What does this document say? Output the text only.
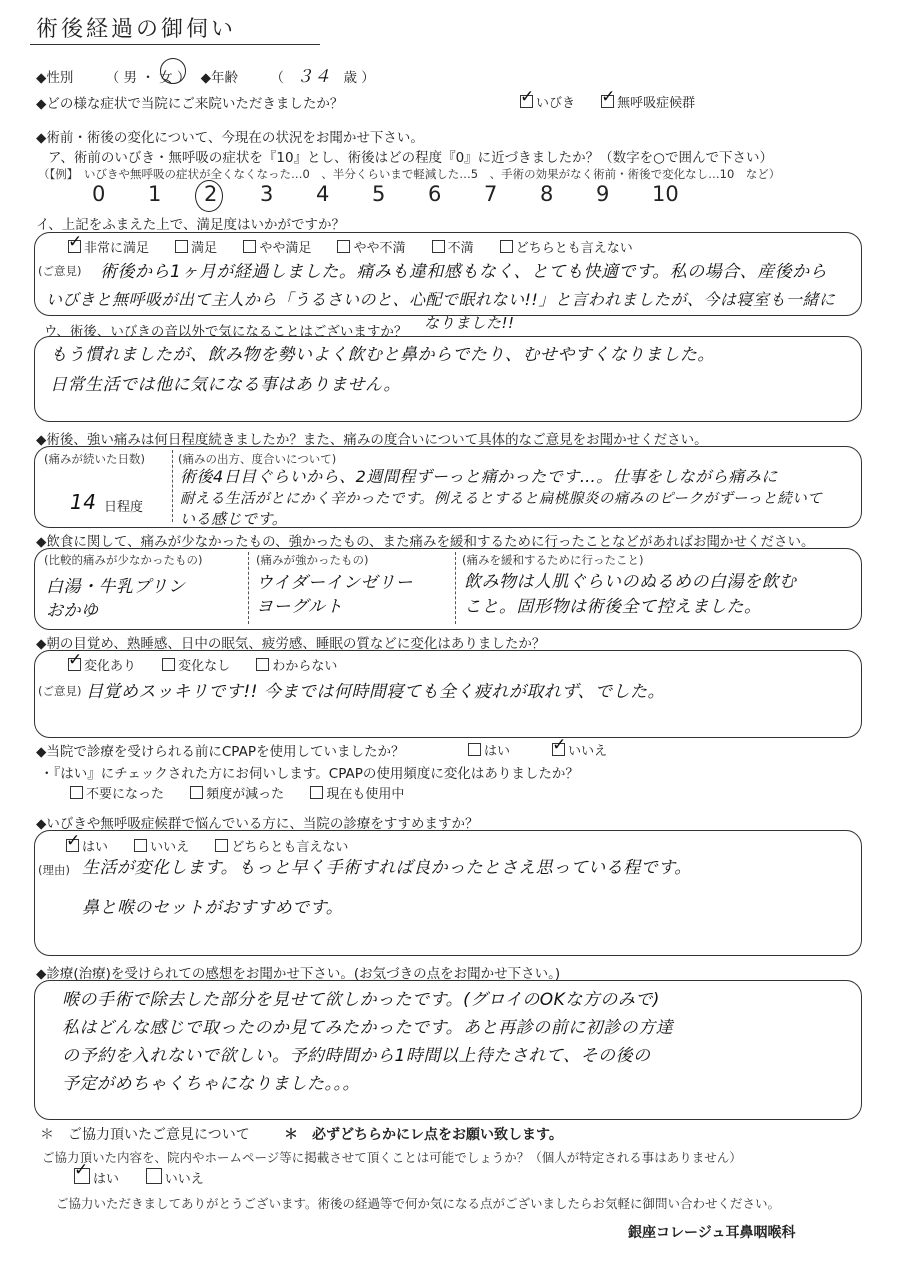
術後経過の御伺い
◆性別 （ 男 ・ 女 ） ◆年齢 （ ３４ 歳 ）
◆どの様な症状で当院にご来院いただきましたか？ ✓	いびき ✓	無呼吸症候群
◆術前・術後の変化について、今現在の状況をお聞かせ下さい。
ア、術前のいびき・無呼吸の症状を『10』とし、術後はどの程度『0』に近づきましたか？（数字を○で囲んで下さい）
（【例】　いびきや無呼吸の症状が全くなくなった…0　、半分くらいまで軽減した…5　、手術の効果がなく術前・術後で変化なし…10　など）
0 1 2 3 4 5 6 7 8 9 10
イ、上記をふまえた上で、満足度はいかがですか？
✓非常に満足	満足	やや満足	やや不満	不満	どちらとも言えない
(ご意見) 術後から1ヶ月が経過しました。痛みも違和感もなく、とても快適です。私の場合、産後から
いびきと無呼吸が出て主人から「うるさいのと、心配で眠れない!!」と言われましたが、今は寝室も一緒に
ウ、術後、いびきの音以外で気になることはございますか？ なりました!!
もう慣れましたが、飲み物を勢いよく飲むと鼻からでたり、むせやすくなりました。
日常生活では他に気になる事はありません。
◆術後、強い痛みは何日程度続きましたか？また、痛みの度合いについて具体的なご意見をお聞かせください。
(痛みが続いた日数)
14 日程度
(痛みの出方、度合いについて)
術後4日目ぐらいから、2週間程ずーっと痛かったです…。仕事をしながら痛みに
耐える生活がとにかく辛かったです。例えるとすると扁桃腺炎の痛みのピークがずーっと続いて
いる感じです。
◆飲食に関して、痛みが少なかったもの、強かったもの、また痛みを緩和するために行ったことなどがあればお聞かせください。
(比較的痛みが少なかったもの)
白湯・牛乳プリン
おかゆ
(痛みが強かったもの)
ウイダーインゼリー
ヨーグルト
(痛みを緩和するために行ったこと)
飲み物は人肌ぐらいのぬるめの白湯を飲む
こと。固形物は術後全て控えました。
◆朝の目覚め、熟睡感、日中の眠気、疲労感、睡眠の質などに変化はありましたか？
✓変化あり	変化なし	わからない
(ご意見) 目覚めスッキリです!! 今までは何時間寝ても全く疲れが取れず、でした。
◆当院で診療を受けられる前にCPAPを使用していましたか？	はい ✓	いいえ
・『はい』にチェックされた方にお伺いします。CPAPの使用頻度に変化はありましたか？
不要になった	頻度が減った	現在も使用中
◆いびきや無呼吸症候群で悩んでいる方に、当院の診療をすすめますか？
✓はい	いいえ	どちらとも言えない
(理由) 生活が変化します。もっと早く手術すれば良かったとさえ思っている程です。
鼻と喉のセットがおすすめです。
◆診療(治療)を受けられての感想をお聞かせ下さい。(お気づきの点をお聞かせ下さい。)
喉の手術で除去した部分を見せて欲しかったです。(グロイのOKな方のみで)
私はどんな感じで取ったのか見てみたかったです。あと再診の前に初診の方達
の予約を入れないで欲しい。予約時間から1時間以上待たされて、その後の
予定がめちゃくちゃになりました。。。
＊　ご協力頂いたご意見について ＊　必ずどちらかにレ点をお願い致します。
ご協力頂いた内容を、院内やホームページ等に掲載させて頂くことは可能でしょうか？（個人が特定される事はありません）
✓はい	いいえ
ご協力いただきましてありがとうございます。術後の経過等で何か気になる点がございましたらお気軽に御問い合わせください。
銀座コレージュ耳鼻咽喉科
